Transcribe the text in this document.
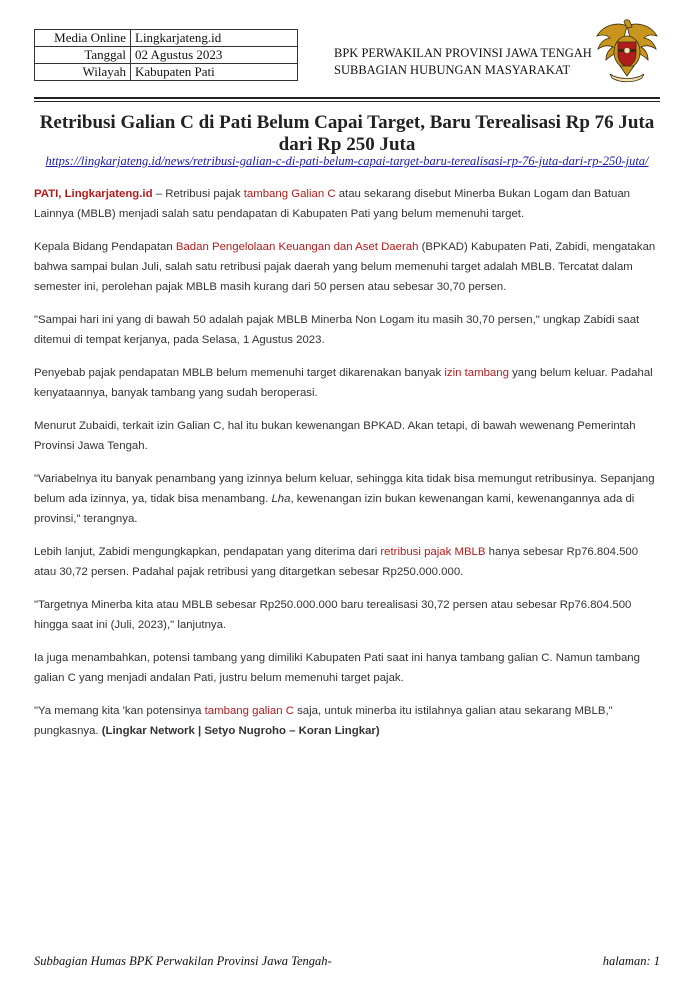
Media Online	Lingkarjateng.id
Tanggal	02 Agustus 2023
Wilayah	Kabupaten Pati
BPK PERWAKILAN PROVINSI JAWA TENGAH
SUBBAGIAN HUBUNGAN MASYARAKAT
Retribusi Galian C di Pati Belum Capai Target, Baru Terealisasi Rp 76 Juta dari Rp 250 Juta
https://lingkarjateng.id/news/retribusi-galian-c-di-pati-belum-capai-target-baru-terealisasi-rp-76-juta-dari-rp-250-juta/

PATI, Lingkarjateng.id – Retribusi pajak tambang Galian C atau sekarang disebut Minerba Bukan Logam dan Batuan Lainnya (MBLB) menjadi salah satu pendapatan di Kabupaten Pati yang belum memenuhi target.

Kepala Bidang Pendapatan Badan Pengelolaan Keuangan dan Aset Daerah (BPKAD) Kabupaten Pati, Zabidi, mengatakan bahwa sampai bulan Juli, salah satu retribusi pajak daerah yang belum memenuhi target adalah MBLB. Tercatat dalam semester ini, perolehan pajak MBLB masih kurang dari 50 persen atau sebesar 30,70 persen.

"Sampai hari ini yang di bawah 50 adalah pajak MBLB Minerba Non Logam itu masih 30,70 persen," ungkap Zabidi saat ditemui di tempat kerjanya, pada Selasa, 1 Agustus 2023.

Penyebab pajak pendapatan MBLB belum memenuhi target dikarenakan banyak izin tambang yang belum keluar. Padahal kenyataannya, banyak tambang yang sudah beroperasi.

Menurut Zubaidi, terkait izin Galian C, hal itu bukan kewenangan BPKAD. Akan tetapi, di bawah wewenang Pemerintah Provinsi Jawa Tengah.

"Variabelnya itu banyak penambang yang izinnya belum keluar, sehingga kita tidak bisa memungut retribusinya. Sepanjang belum ada izinnya, ya, tidak bisa menambang. Lha, kewenangan izin bukan kewenangan kami, kewenangannya ada di provinsi," terangnya.

Lebih lanjut, Zabidi mengungkapkan, pendapatan yang diterima dari retribusi pajak MBLB hanya sebesar Rp76.804.500 atau 30,72 persen. Padahal pajak retribusi yang ditargetkan sebesar Rp250.000.000.

"Targetnya Minerba kita atau MBLB sebesar Rp250.000.000 baru terealisasi 30,72 persen atau sebesar Rp76.804.500 hingga saat ini (Juli, 2023)," lanjutnya.

Ia juga menambahkan, potensi tambang yang dimiliki Kabupaten Pati saat ini hanya tambang galian C. Namun tambang galian C yang menjadi andalan Pati, justru belum memenuhi target pajak.

"Ya memang kita 'kan potensinya tambang galian C saja, untuk minerba itu istilahnya galian atau sekarang MBLB," pungkasnya. (Lingkar Network | Setyo Nugroho – Koran Lingkar)

Subbagian Humas BPK Perwakilan Provinsi Jawa Tengah-	halaman: 1
